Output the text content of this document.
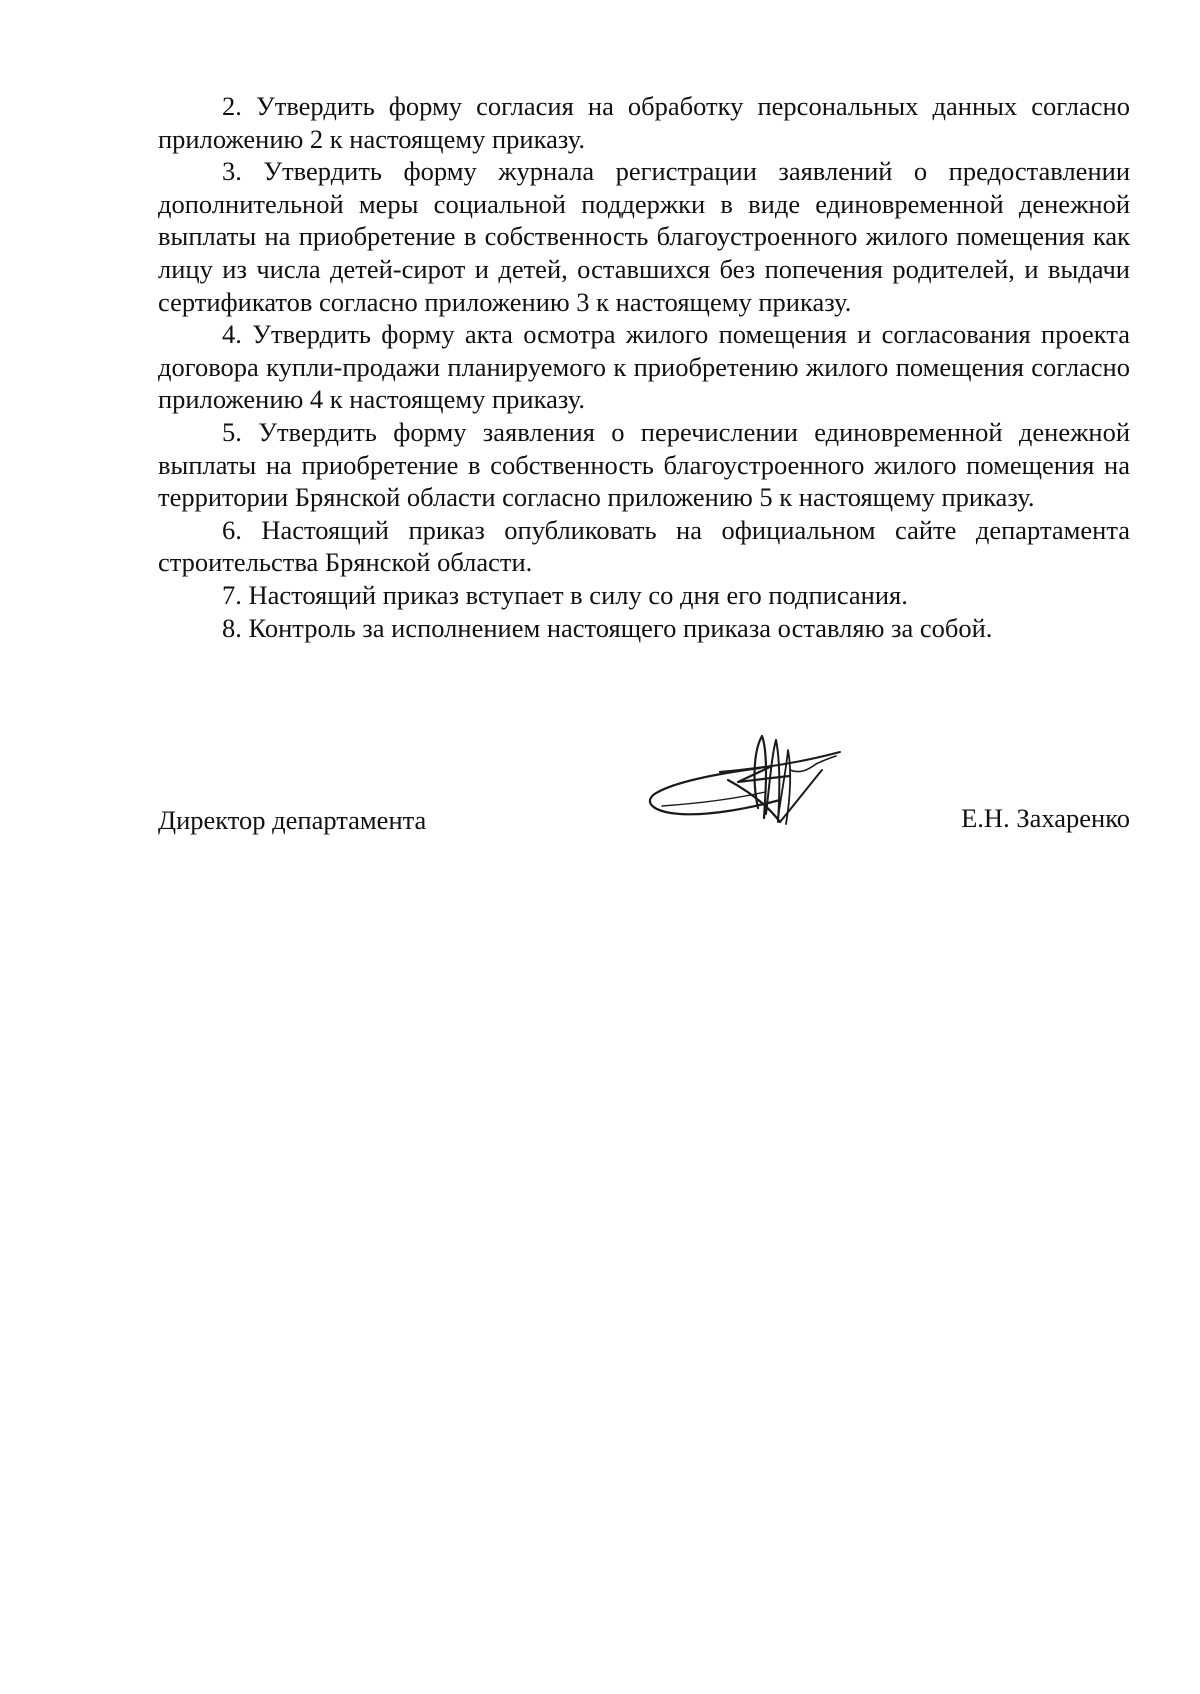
2. Утвердить форму согласия на обработку персональных данных согласно приложению 2 к настоящему приказу.

3. Утвердить форму журнала регистрации заявлений о предоставлении дополнительной меры социальной поддержки в виде единовременной денежной выплаты на приобретение в собственность благоустроенного жилого помещения как лицу из числа детей-сирот и детей, оставшихся без попечения родителей, и выдачи сертификатов согласно приложению 3 к настоящему приказу.

4. Утвердить форму акта осмотра жилого помещения и согласования проекта договора купли-продажи планируемого к приобретению жилого помещения согласно приложению 4 к настоящему приказу.

5. Утвердить форму заявления о перечислении единовременной денежной выплаты на приобретение в собственность благоустроенного жилого помещения на территории Брянской области согласно приложению 5 к настоящему приказу.

6. Настоящий приказ опубликовать на официальном сайте департамента строительства Брянской области.

7. Настоящий приказ вступает в силу со дня его подписания.

8. Контроль за исполнением настоящего приказа оставляю за собой.

Директор департамента	Е.Н. Захаренко
